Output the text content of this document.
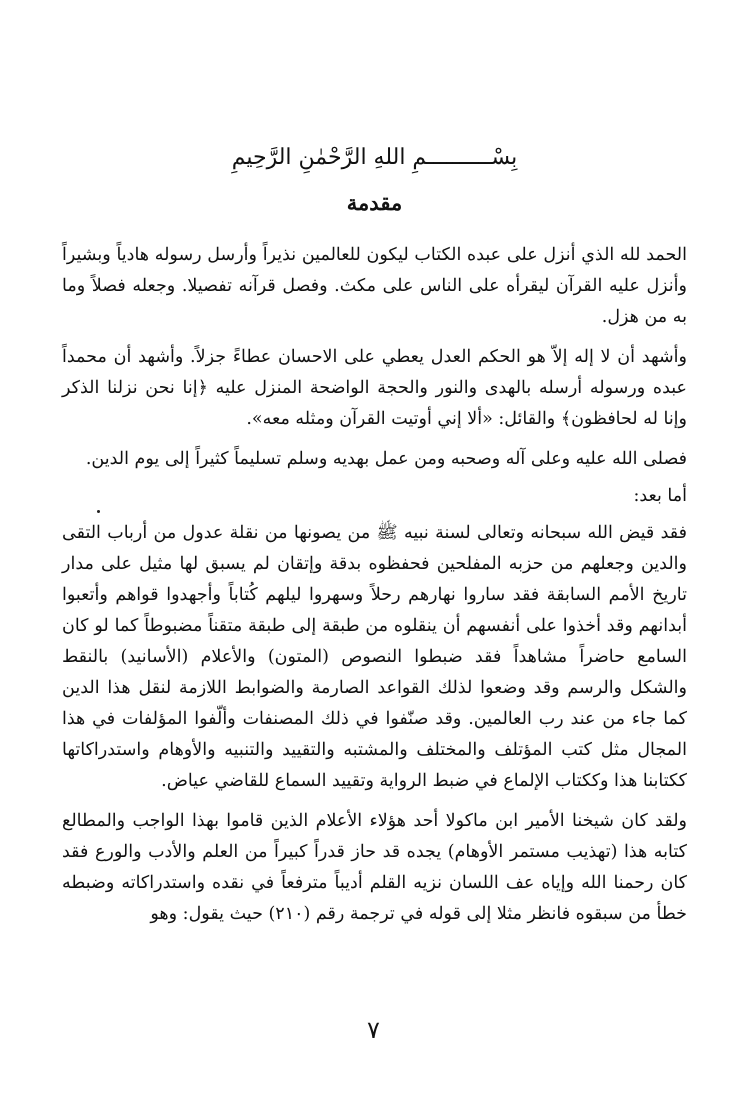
بِسْــــــــــمِ اللهِ الرَّحْمٰنِ الرَّحِيمِ
مقدمة

الحمد لله الذي أنزل على عبده الكتاب ليكون للعالمين نذيراً وأرسل رسوله هادياً وبشيراً وأنزل عليه القرآن ليقرأه على الناس على مكث. وفصل قرآنه تفصيلا. وجعله فصلاً وما به من هزل.

وأشهد أن لا إله إلاّ هو الحكم العدل يعطي على الاحسان عطاءً جزلاً. وأشهد أن محمداً عبده ورسوله أرسله بالهدى والنور والحجة الواضحة المنزل عليه ﴿إنا نحن نزلنا الذكر وإنا له لحافظون﴾ والقائل: «ألا إني أوتيت القرآن ومثله معه».

فصلى الله عليه وعلى آله وصحبه ومن عمل بهديه وسلم تسليماً كثيراً إلى يوم الدين.

أما بعد:

فقد قيض الله سبحانه وتعالى لسنة نبيه ﷺ من يصونها من نقلة عدول من أرباب التقى والدين وجعلهم من حزبه المفلحين فحفظوه بدقة وإتقان لم يسبق لها مثيل على مدار تاريخ الأمم السابقة فقد ساروا نهارهم رحلاً وسهروا ليلهم كُتاباً وأجهدوا قواهم وأتعبوا أبدانهم وقد أخذوا على أنفسهم أن ينقلوه من طبقة إلى طبقة متقناً مضبوطاً كما لو كان السامع حاضراً مشاهداً فقد ضبطوا النصوص (المتون) والأعلام (الأسانيد) بالنقط والشكل والرسم وقد وضعوا لذلك القواعد الصارمة والضوابط اللازمة لنقل هذا الدين كما جاء من عند رب العالمين. وقد صنّفوا في ذلك المصنفات وألّفوا المؤلفات في هذا المجال مثل كتب المؤتلف والمختلف والمشتبه والتقييد والتنبيه والأوهام واستدراكاتها ككتابنا هذا وككتاب الإلماع في ضبط الرواية وتقييد السماع للقاضي عياض.

ولقد كان شيخنا الأمير ابن ماكولا أحد هؤلاء الأعلام الذين قاموا بهذا الواجب والمطالع كتابه هذا (تهذيب مستمر الأوهام) يجده قد حاز قدراً كبيراً من العلم والأدب والورع فقد كان رحمنا الله وإياه عف اللسان نزيه القلم أديباً مترفعاً في نقده واستدراكاته وضبطه خطأ من سبقوه فانظر مثلا إلى قوله في ترجمة رقم (٢١٠) حيث يقول: وهو

٧
